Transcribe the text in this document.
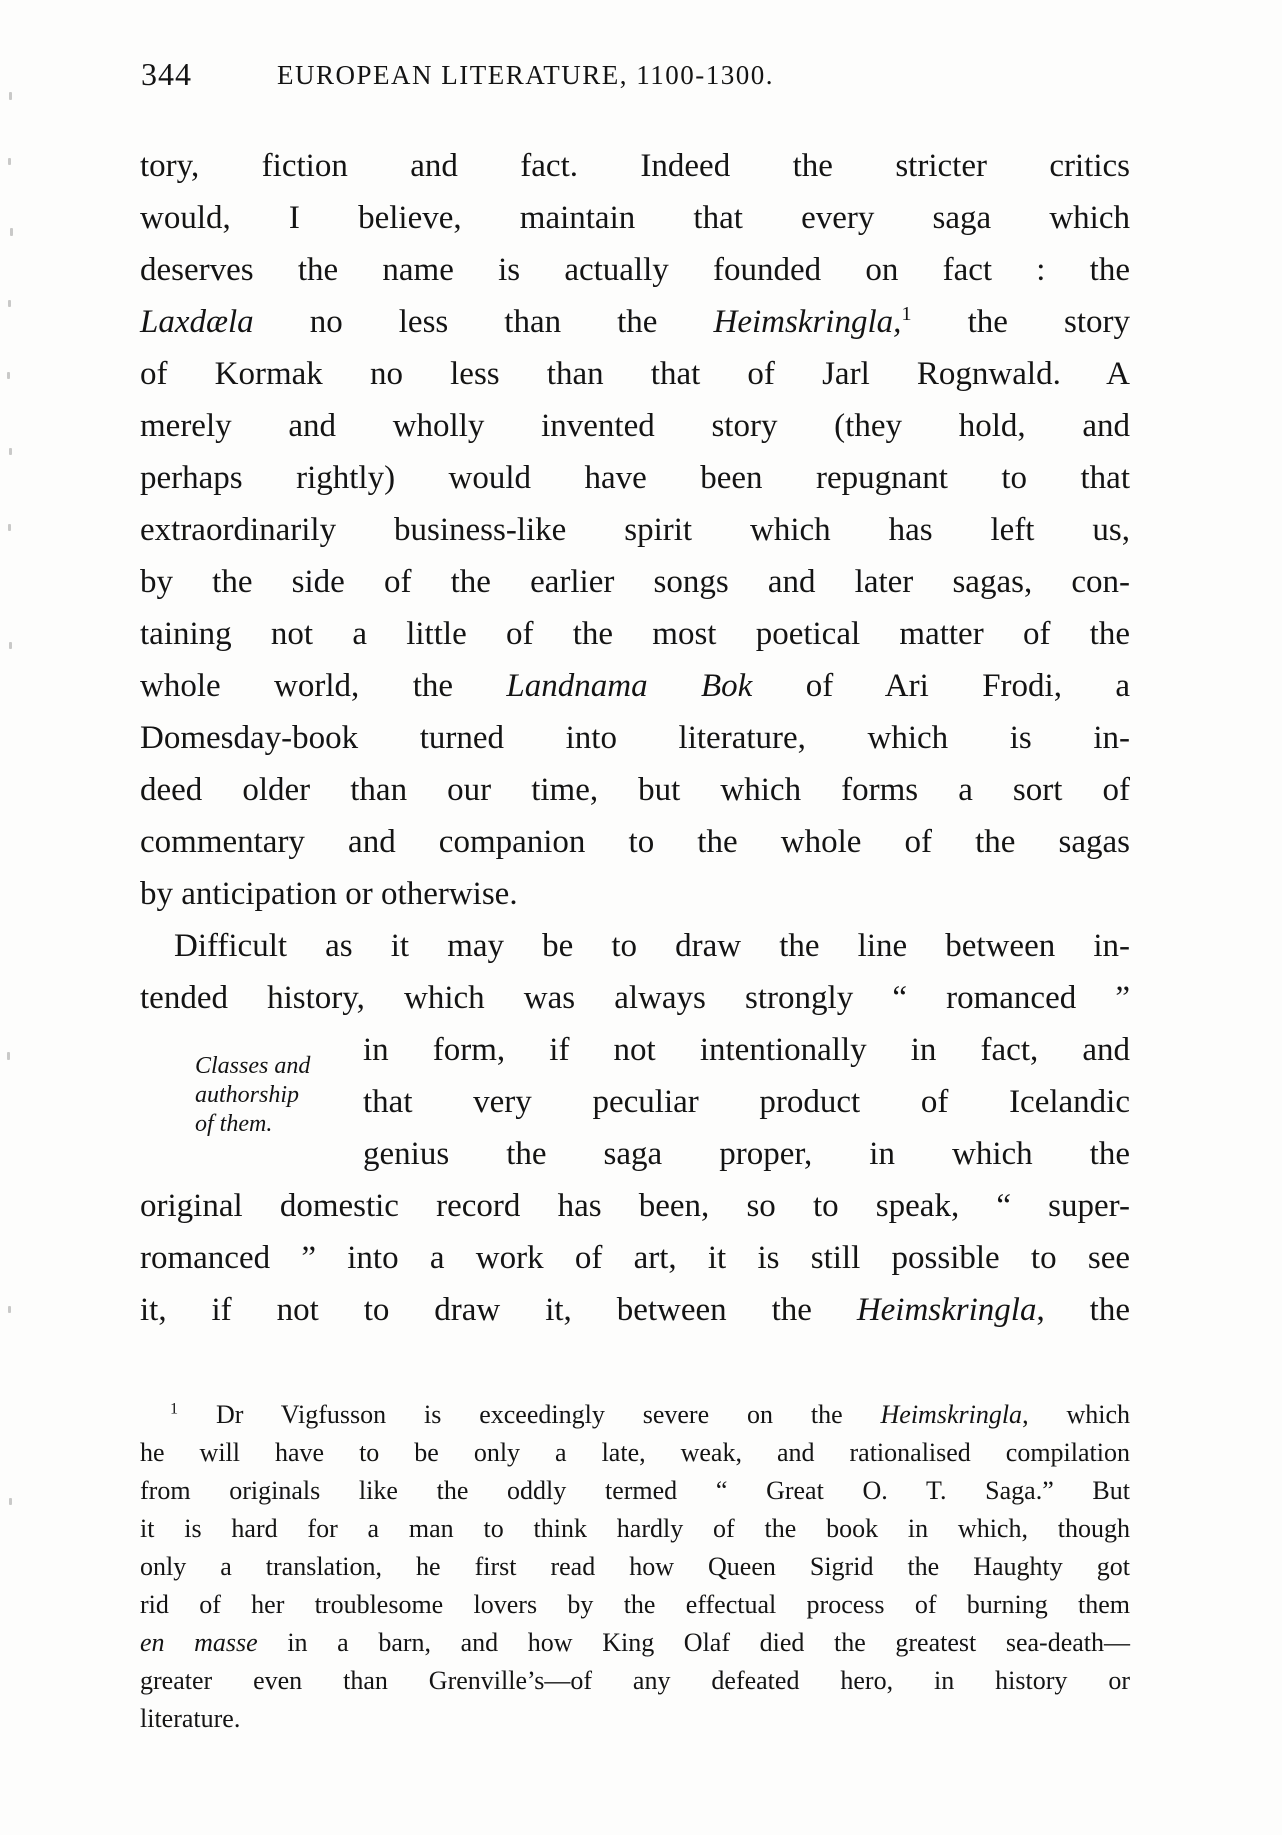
344	EUROPEAN LITERATURE, 1100-1300.
tory, fiction and fact. Indeed the stricter critics
would, I believe, maintain that every saga which
deserves the name is actually founded on fact : the
Laxdæla no less than the Heimskringla,$^1$ the story
of Kormak no less than that of Jarl Rognwald. A
merely and wholly invented story (they hold, and
perhaps rightly) would have been repugnant to that
extraordinarily business-like spirit which has left us,
by the side of the earlier songs and later sagas, con-
taining not a little of the most poetical matter of the
whole world, the Landnama Bok of Ari Frodi, a
Domesday-book turned into literature, which is in-
deed older than our time, but which forms a sort of
commentary and companion to the whole of the sagas
by anticipation or otherwise.
Difficult as it may be to draw the line between in-
tended history, which was always strongly “ romanced ”
in form, if not intentionally in fact, and
that very peculiar product of Icelandic
genius the saga proper, in which the
original domestic record has been, so to speak, “ super-
romanced ” into a work of art, it is still possible to see
it, if not to draw it, between the Heimskringla, the
Classes and
authorship
of them.
$^1$ Dr Vigfusson is exceedingly severe on the Heimskringla, which
he will have to be only a late, weak, and rationalised compilation
from originals like the oddly termed “ Great O. T. Saga.” But
it is hard for a man to think hardly of the book in which, though
only a translation, he first read how Queen Sigrid the Haughty got
rid of her troublesome lovers by the effectual process of burning them
en masse in a barn, and how King Olaf died the greatest sea-death—
greater even than Grenville’s—of any defeated hero, in history or
literature.
